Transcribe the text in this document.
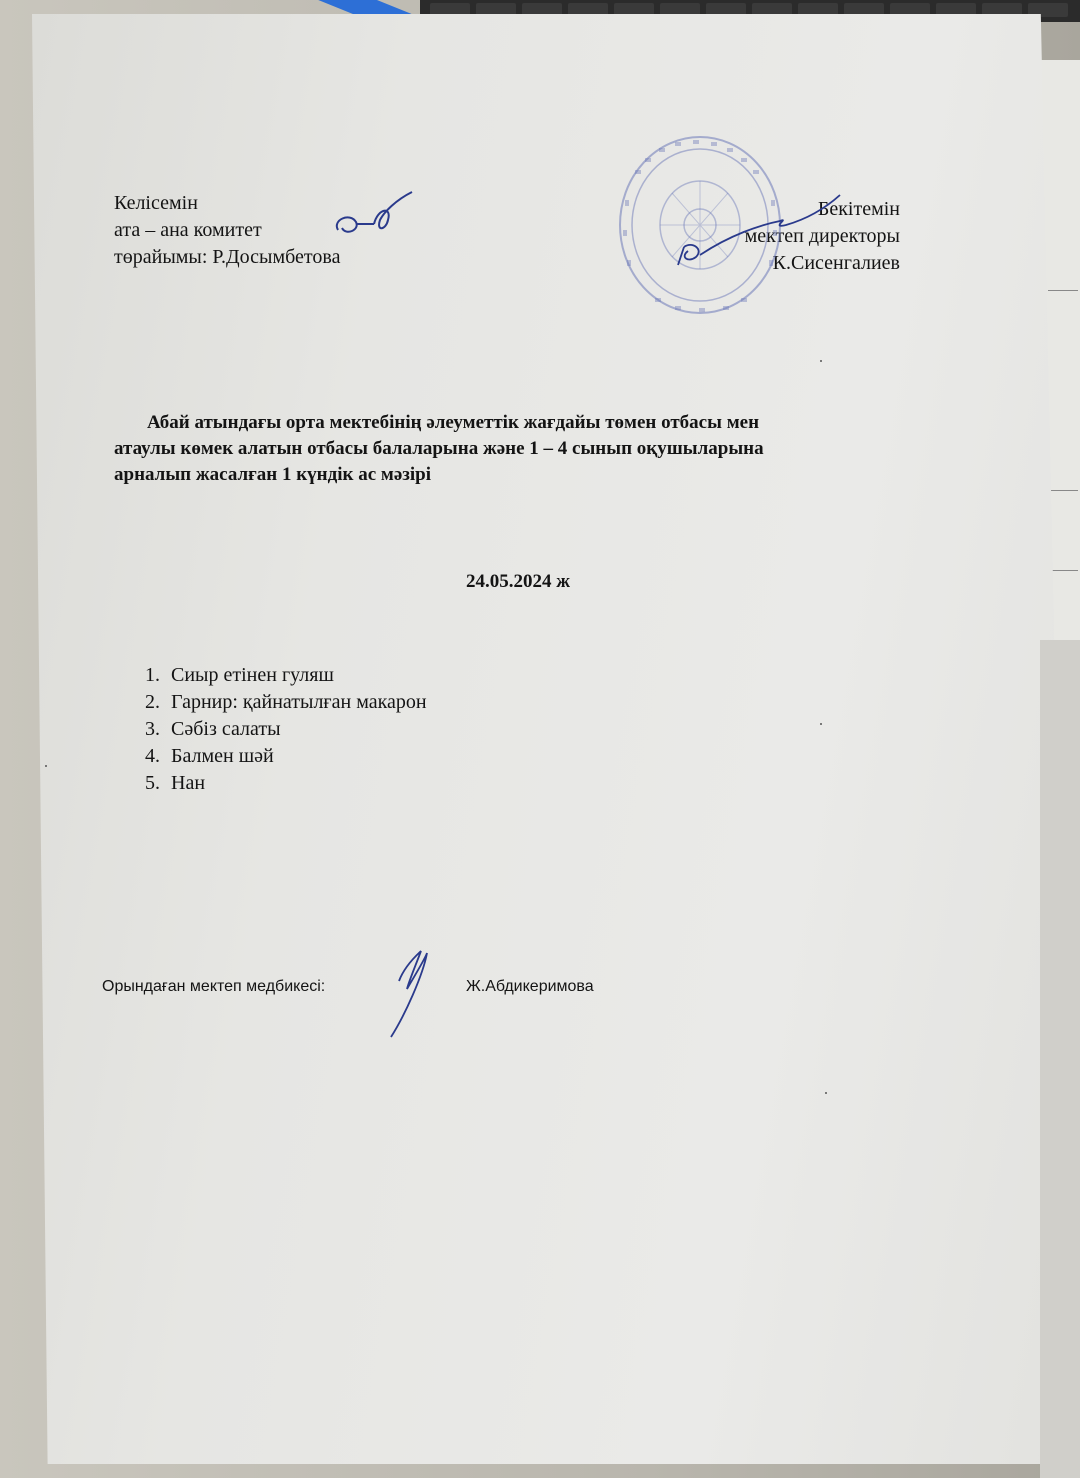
Келісемін
ата – ана комитет
төрайымы: Р.Досымбетова
Бекітемін
мектеп директоры
К.Сисенгалиев
Абай атындағы орта мектебінің әлеуметтік жағдайы төмен отбасы мен
атаулы көмек алатын отбасы балаларына және 1 – 4 сынып оқушыларына
арналып жасалған 1 күндік ас мәзірі
24.05.2024 ж
1. Сиыр етінен гуляш
2. Гарнир: қайнатылған макарон
3. Сәбіз салаты
4. Балмен шәй
5. Нан
Орындаған мектеп медбикесі:	Ж.Абдикеримова
